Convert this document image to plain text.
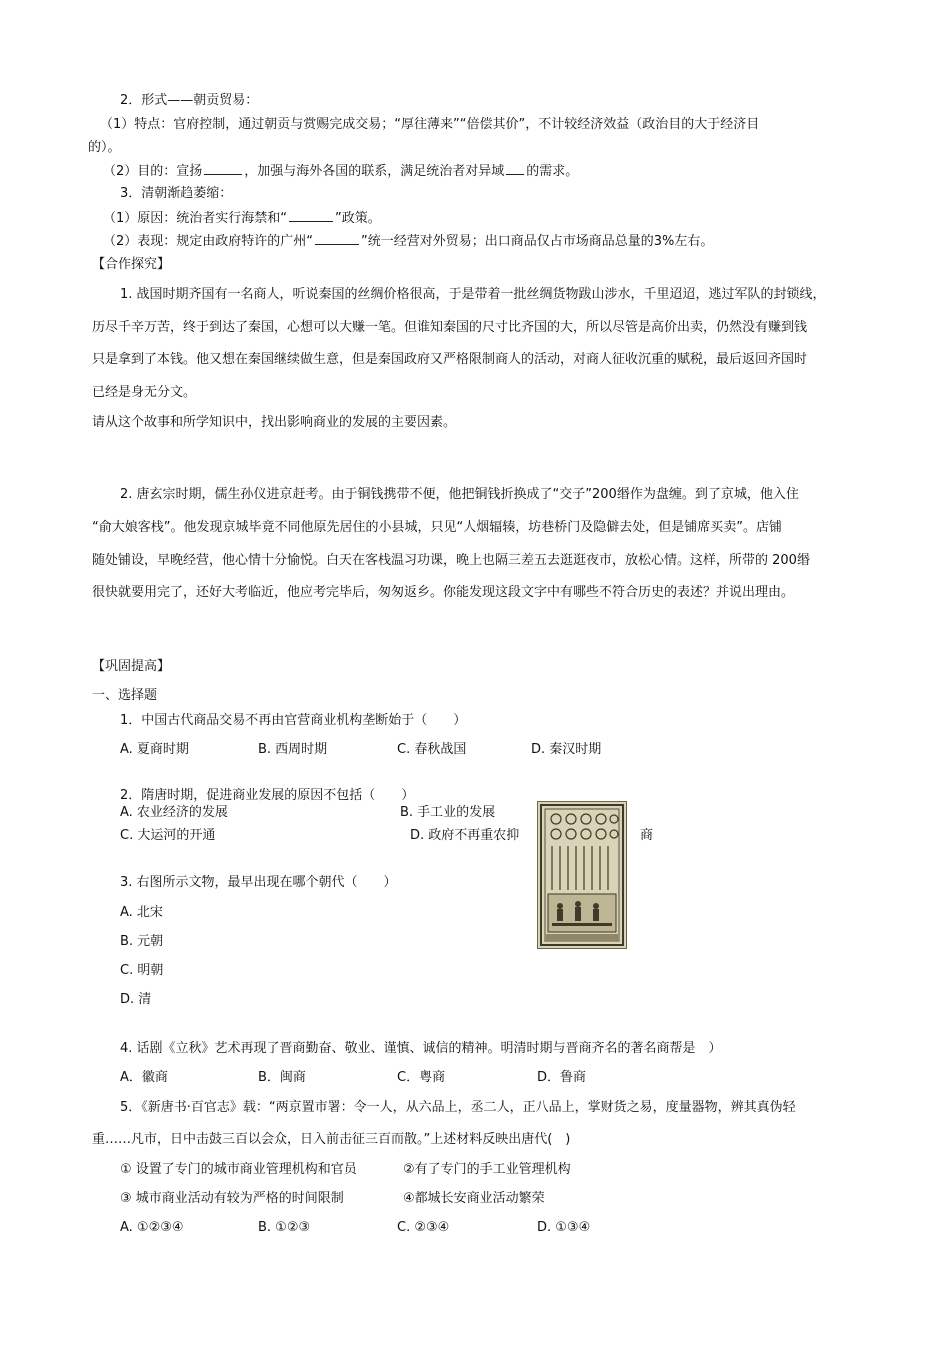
2．形式——朝贡贸易：
（1）特点：官府控制，通过朝贡与赏赐完成交易；“厚往薄来”“倍偿其价”，不计较经济效益（政治目的大于经济目
的）。
（2）目的：宣扬	，加强与海外各国的联系，满足统治者对异域 的需求。
3．清朝渐趋萎缩：
（1）原因：统治者实行海禁和“	”政策。
（2）表现：规定由政府特许的广州“	”统一经营对外贸易；出口商品仅占市场商品总量的3%左右。
【合作探究】
1. 战国时期齐国有一名商人，听说秦国的丝绸价格很高，于是带着一批丝绸货物跋山涉水，千里迢迢，逃过军队的封锁线，
历尽千辛万苦，终于到达了秦国，心想可以大赚一笔。但谁知秦国的尺寸比齐国的大，所以尽管是高价出卖，仍然没有赚到钱
只是拿到了本钱。他又想在秦国继续做生意，但是秦国政府又严格限制商人的活动，对商人征收沉重的赋税，最后返回齐国时
已经是身无分文。
请从这个故事和所学知识中，找出影响商业的发展的主要因素。
2. 唐玄宗时期，儒生孙仪进京赶考。由于铜钱携带不便，他把铜钱折换成了“交子”200缗作为盘缠。到了京城，他入住
“俞大娘客栈”。他发现京城毕竟不同他原先居住的小县城，只见“人烟辐辏，坊巷桥门及隐僻去处，但是铺席买卖”。店铺
随处铺设，早晚经营，他心情十分愉悦。白天在客栈温习功课，晚上也隔三差五去逛逛夜市，放松心情。这样，所带的 200缗
很快就要用完了，还好大考临近，他应考完毕后，匆匆返乡。你能发现这段文字中有哪些不符合历史的表述？并说出理由。
【巩固提高】
一、选择题
1．中国古代商品交易不再由官营商业机构垄断始于（　　）
A. 夏商时期	B. 西周时期	C. 春秋战国	D. 秦汉时期
2．隋唐时期，促进商业发展的原因不包括（　　）
A. 农业经济的发展	B. 手工业的发展
C. 大运河的开通	D. 政府不再重农抑	商
3. 右图所示文物，最早出现在哪个朝代（　　）
A. 北宋
B. 元朝
C. 明朝
D. 清
4. 话剧《立秋》艺术再现了晋商勤奋、敬业、谨慎、诚信的精神。明清时期与晋商齐名的著名商帮是　）
A．徽商	B．闽商	C．粤商	D．鲁商
5．《新唐书·百官志》载：“两京置市署：令一人，从六品上，丞二人，正八品上，掌财货之易，度量器物，辨其真伪轻
重……凡市，日中击鼓三百以会众，日入前击征三百而散。”上述材料反映出唐代(　)
① 设置了专门的城市商业管理机构和官员	②有了专门的手工业管理机构
③ 城市商业活动有较为严格的时间限制	④都城长安商业活动繁荣
A. ①②③④	B. ①②③	C. ②③④	D. ①③④
